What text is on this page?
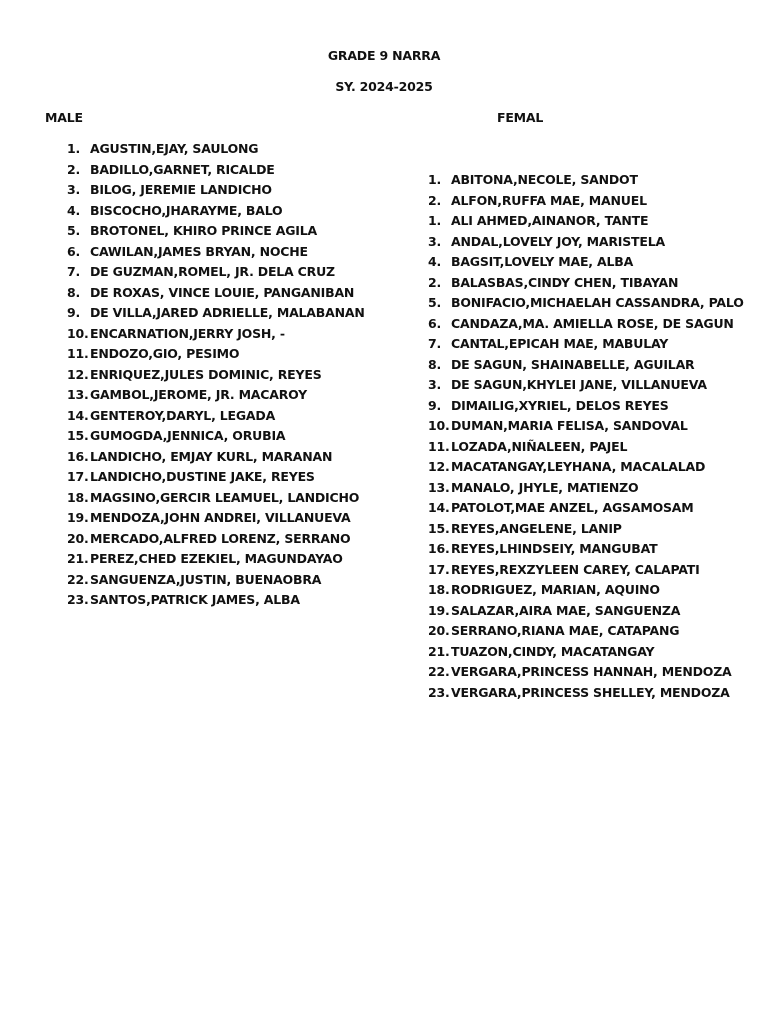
GRADE 9 NARRA
SY. 2024-2025
MALE	FEMAL
1. AGUSTIN,EJAY, SAULONG
2. BADILLO,GARNET, RICALDE
3. BILOG, JEREMIE LANDICHO
4. BISCOCHO,JHARAYME, BALO
5. BROTONEL, KHIRO PRINCE AGILA
6. CAWILAN,JAMES BRYAN, NOCHE
7. DE GUZMAN,ROMEL, JR. DELA CRUZ
8. DE ROXAS, VINCE LOUIE, PANGANIBAN
9. DE VILLA,JARED ADRIELLE, MALABANAN
10.ENCARNATION,JERRY JOSH, -
11.ENDOZO,GIO, PESIMO
12.ENRIQUEZ,JULES DOMINIC, REYES
13.GAMBOL,JEROME, JR. MACAROY
14.GENTEROY,DARYL, LEGADA
15.GUMOGDA,JENNICA, ORUBIA
16.LANDICHO, EMJAY KURL, MARANAN
17.LANDICHO,DUSTINE JAKE, REYES
18.MAGSINO,GERCIR LEAMUEL, LANDICHO
19.MENDOZA,JOHN ANDREI, VILLANUEVA
20.MERCADO,ALFRED LORENZ, SERRANO
21.PEREZ,CHED EZEKIEL, MAGUNDAYAO
22.SANGUENZA,JUSTIN, BUENAOBRA
23.SANTOS,PATRICK JAMES, ALBA
1. ABITONA,NECOLE, SANDOT
2. ALFON,RUFFA MAE, MANUEL
1. ALI AHMED,AINANOR, TANTE
3. ANDAL,LOVELY JOY, MARISTELA
4. BAGSIT,LOVELY MAE, ALBA
2. BALASBAS,CINDY CHEN, TIBAYAN
5. BONIFACIO,MICHAELAH CASSANDRA, PALO
6. CANDAZA,MA. AMIELLA ROSE, DE SAGUN
7. CANTAL,EPICAH MAE, MABULAY
8. DE SAGUN, SHAINABELLE, AGUILAR
3. DE SAGUN,KHYLEI JANE, VILLANUEVA
9. DIMAILIG,XYRIEL, DELOS REYES
10.DUMAN,MARIA FELISA, SANDOVAL
11.LOZADA,NIÑALEEN, PAJEL
12.MACATANGAY,LEYHANA, MACALALAD
13.MANALO, JHYLE, MATIENZO
14.PATOLOT,MAE ANZEL, AGSAMOSAM
15.REYES,ANGELENE, LANIP
16.REYES,LHINDSEIY, MANGUBAT
17.REYES,REXZYLEEN CAREY, CALAPATI
18.RODRIGUEZ, MARIAN, AQUINO
19.SALAZAR,AIRA MAE, SANGUENZA
20.SERRANO,RIANA MAE, CATAPANG
21.TUAZON,CINDY, MACATANGAY
22.VERGARA,PRINCESS HANNAH, MENDOZA
23.VERGARA,PRINCESS SHELLEY, MENDOZA
